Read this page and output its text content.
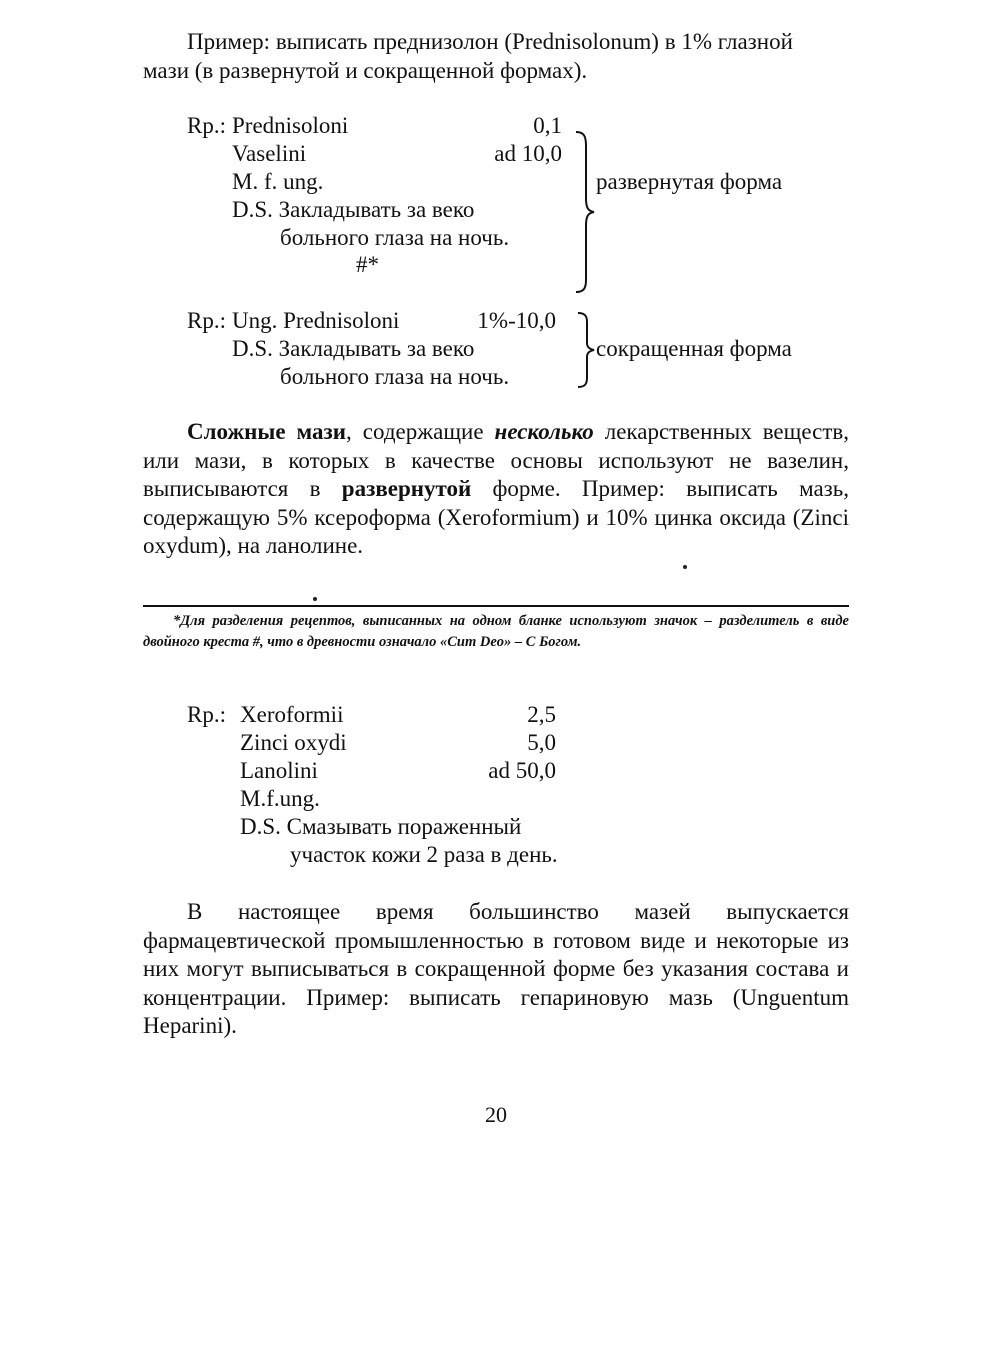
Пример: выписать преднизолон (Prednisolonum) в 1% глазной
мази (в развернутой и сокращенной формах).
Rp.: Prednisoloni	0,1
Vaselini	ad 10,0
M. f. ung.
D.S. Закладывать за веко
больного глаза на ночь.
#*
развернутая форма
Rp.: Ung. Prednisoloni	1%-10,0
D.S. Закладывать за веко
больного глаза на ночь.
сокращенная форма

Сложные мази, содержащие несколько лекарственных веществ, или мази, в которых в качестве основы используют не вазелин, выписываются в развернутой форме. Пример: выписать мазь, содержащую 5% ксероформа (Xeroformium) и 10% цинка оксида (Zinci oxydum), на ланолине.

*Для разделения рецептов, выписанных на одном бланке используют значок – разделитель в виде двойного креста #, что в древности означало «Cum Deo» – С Богом.
Rp.: Xeroformii	2,5
Zinci oxydi	5,0
Lanolini	ad 50,0
M.f.ung.
D.S. Смазывать пораженный
участок кожи 2 раза в день.

В настоящее время большинство мазей выпускается фармацевтической промышленностью в готовом виде и некоторые из них могут выписываться в сокращенной форме без указания состава и концентрации. Пример: выписать гепариновую мазь (Unguentum Heparini).

20
